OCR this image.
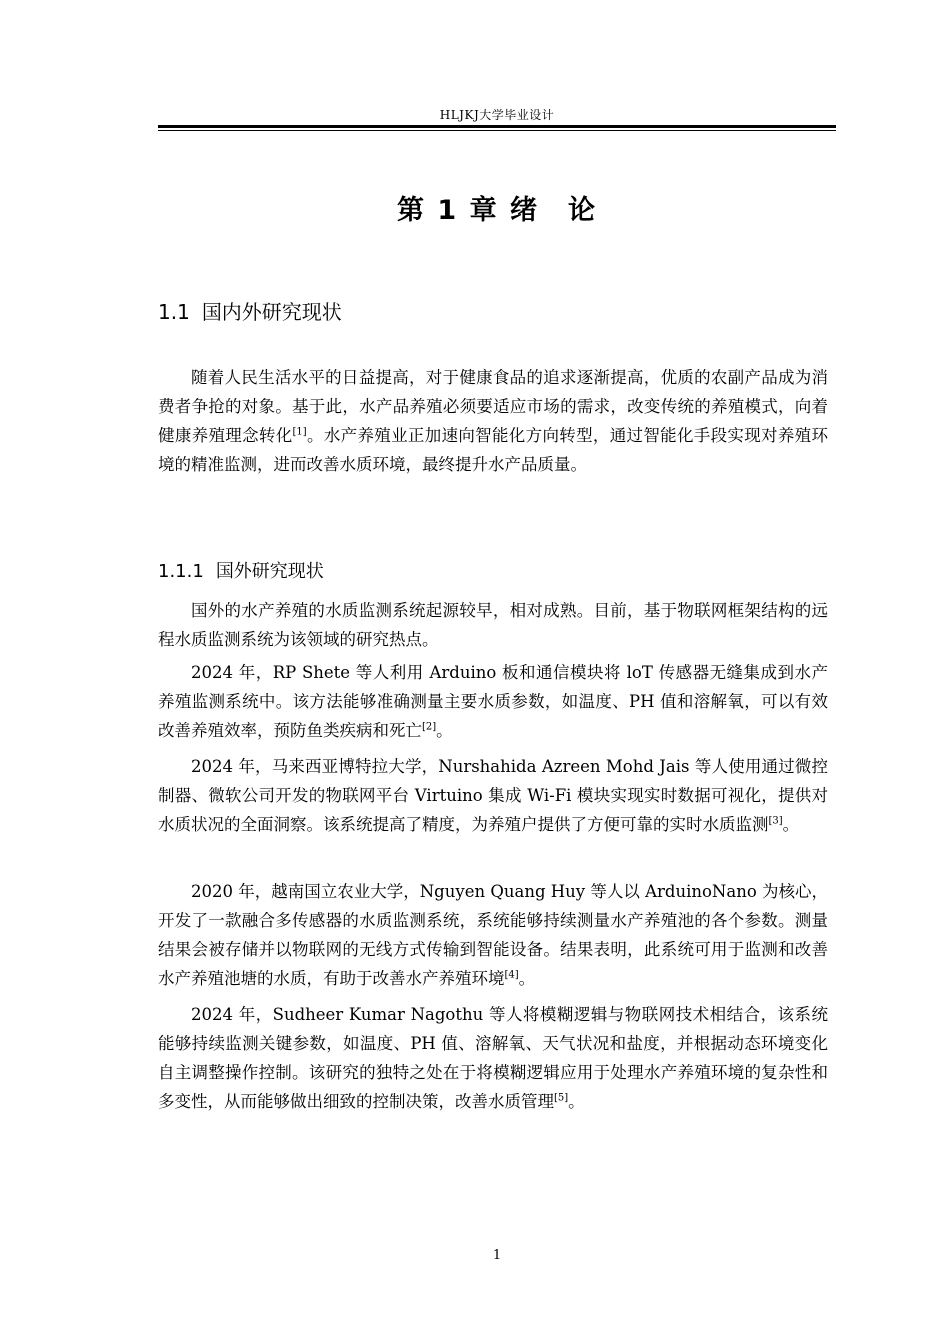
HLJKJ大学毕业设计
第 1 章 绪　论
1.1 国内外研究现状

随着人民生活水平的日益提高，对于健康食品的追求逐渐提高，优质的农副产品成为消费者争抢的对象。基于此，水产品养殖必须要适应市场的需求，改变传统的养殖模式，向着健康养殖理念转化[1]。水产养殖业正加速向智能化方向转型，通过智能化手段实现对养殖环境的精准监测，进而改善水质环境，最终提升水产品质量。

1.1.1 国外研究现状

国外的水产养殖的水质监测系统起源较早，相对成熟。目前，基于物联网框架结构的远程水质监测系统为该领域的研究热点。

2024 年，RP Shete 等人利用 Arduino 板和通信模块将 loT 传感器无缝集成到水产养殖监测系统中。该方法能够准确测量主要水质参数，如温度、PH 值和溶解氧，可以有效改善养殖效率，预防鱼类疾病和死亡[2]。

2024 年，马来西亚博特拉大学，Nurshahida Azreen Mohd Jais 等人使用通过微控制器、微软公司开发的物联网平台 Virtuino 集成 Wi-Fi 模块实现实时数据可视化，提供对水质状况的全面洞察。该系统提高了精度，为养殖户提供了方便可靠的实时水质监测[3]。

2020 年，越南国立农业大学，Nguyen Quang Huy 等人以 ArduinoNano 为核心，开发了一款融合多传感器的水质监测系统，系统能够持续测量水产养殖池的各个参数。测量结果会被存储并以物联网的无线方式传输到智能设备。结果表明，此系统可用于监测和改善水产养殖池塘的水质，有助于改善水产养殖环境[4]。

2024 年，Sudheer Kumar Nagothu 等人将模糊逻辑与物联网技术相结合，该系统能够持续监测关键参数，如温度、PH 值、溶解氧、天气状况和盐度，并根据动态环境变化自主调整操作控制。该研究的独特之处在于将模糊逻辑应用于处理水产养殖环境的复杂性和多变性，从而能够做出细致的控制决策，改善水质管理[5]。

1
